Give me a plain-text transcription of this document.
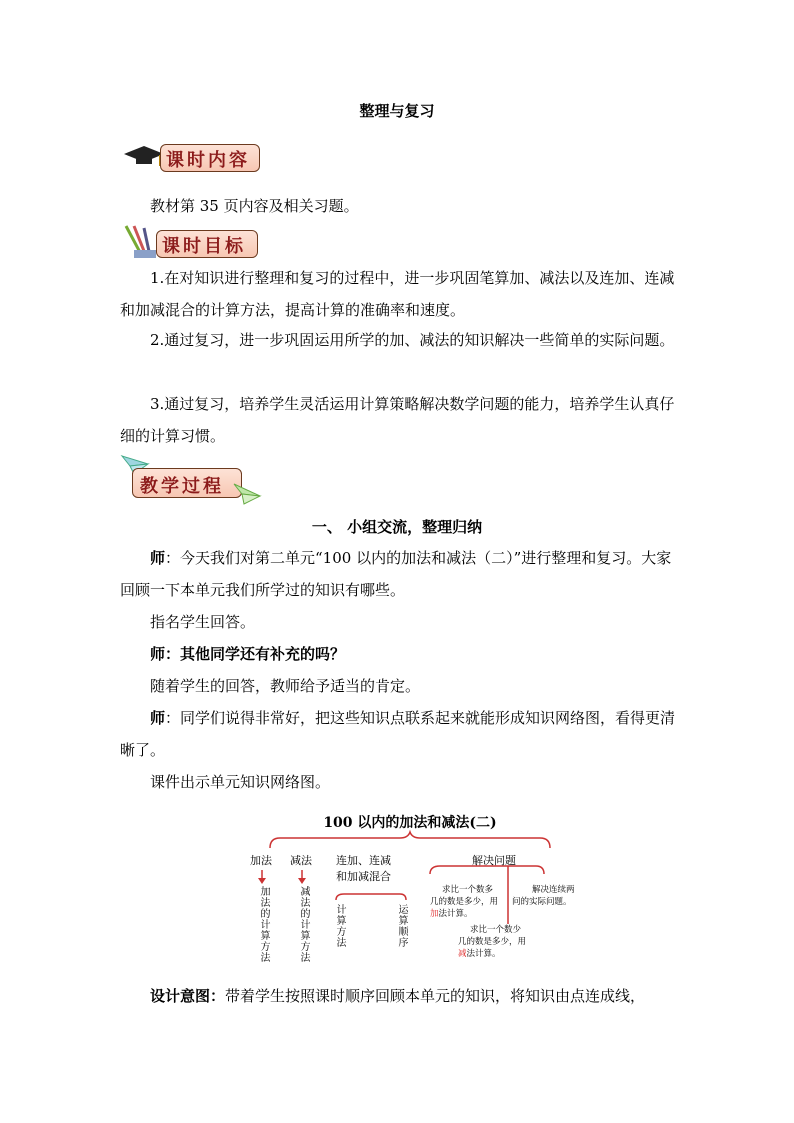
整理与复习
课时内容
教材第 35 页内容及相关习题。
课时目标
1.在对知识进行整理和复习的过程中，进一步巩固笔算加、减法以及连加、连减和加减混合的计算方法，提高计算的准确率和速度。
2.通过复习，进一步巩固运用所学的加、减法的知识解决一些简单的实际问题。
3.通过复习，培养学生灵活运用计算策略解决数学问题的能力，培养学生认真仔细的计算习惯。
教学过程
一、 小组交流，整理归纳
师：今天我们对第二单元“100 以内的加法和减法（二）”进行整理和复习。大家回顾一下本单元我们所学过的知识有哪些。
指名学生回答。
师：其他同学还有补充的吗？
随着学生的回答，教师给予适当的肯定。
师：同学们说得非常好，把这些知识点联系起来就能形成知识网络图，看得更清晰了。
课件出示单元知识网络图。
100 以内的加法和减法(二)
加法 减法 连加、连减
和加减混合
解决问题
加法的计算方法	减法的计算方法	计算方法	运算顺序
求比一个数多
几的数是多少，用
加法计算。
解决连续两
问的实际问题。
求比一个数少
几的数是多少，用
减法计算。
设计意图：带着学生按照课时顺序回顾本单元的知识，将知识由点连成线，
